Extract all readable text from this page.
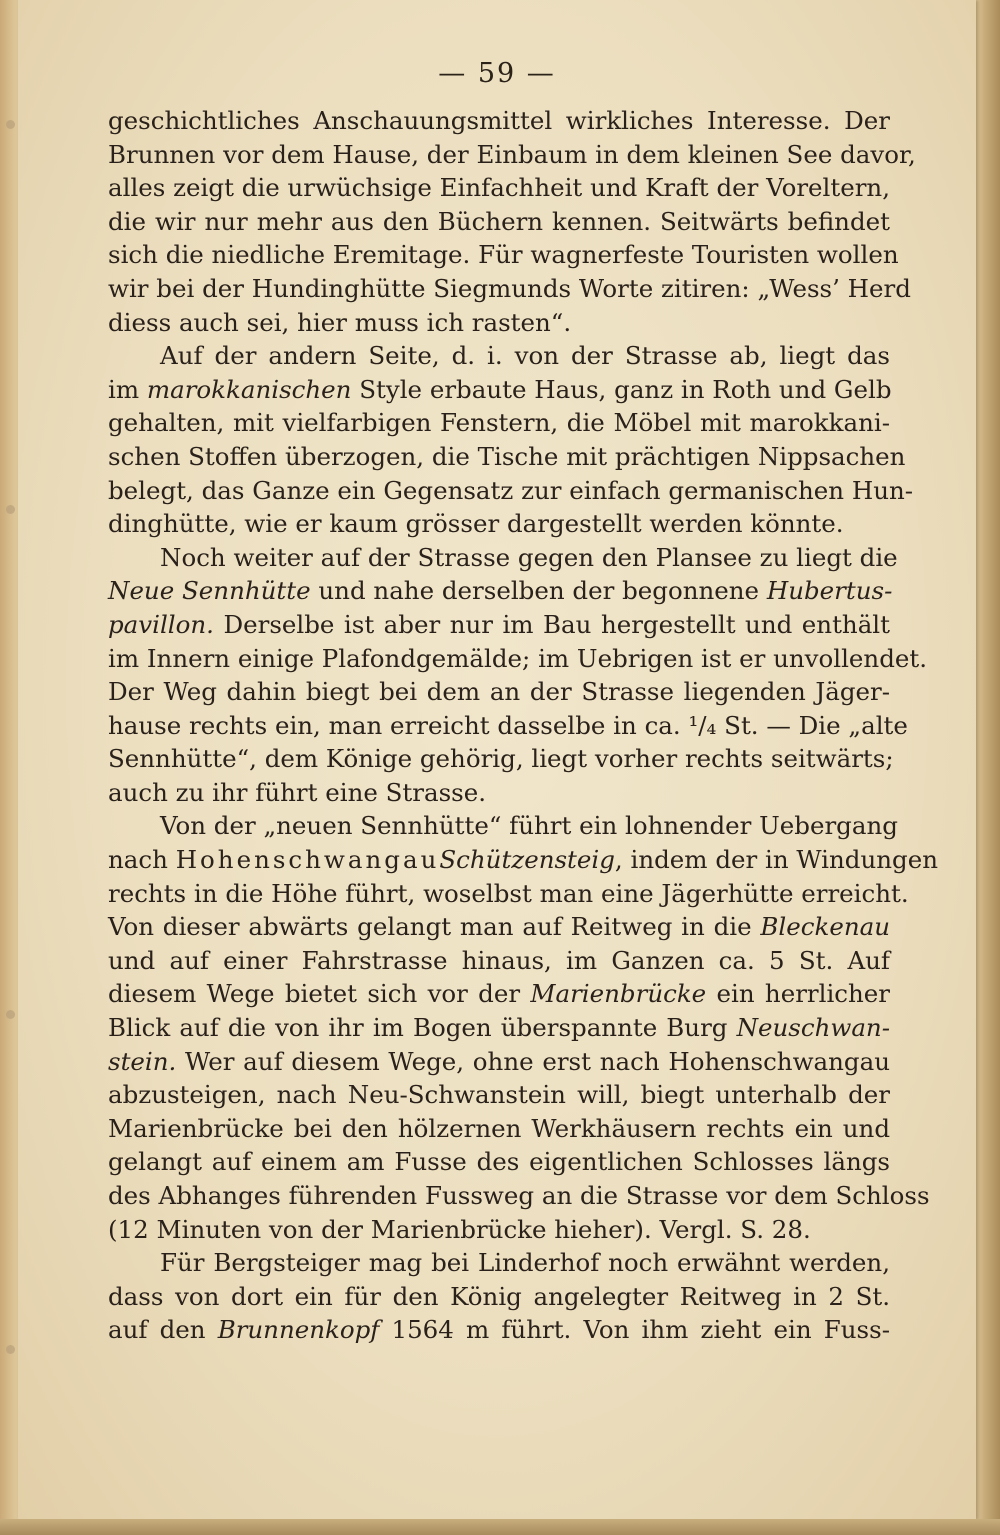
— 59 —
geschichtliches Anschauungsmittel wirkliches Interesse. Der
Brunnen vor dem Hause, der Einbaum in dem kleinen See davor,
alles zeigt die urwüchsige Einfachheit und Kraft der Voreltern,
die wir nur mehr aus den Büchern kennen. Seitwärts befindet
sich die niedliche Eremitage. Für wagnerfeste Touristen wollen
wir bei der Hundinghütte Siegmunds Worte zitiren: „Wess’ Herd
diess auch sei, hier muss ich rasten“.
Auf der andern Seite, d. i. von der Strasse ab, liegt das
im marokkanischen Style erbaute Haus, ganz in Roth und Gelb
gehalten, mit vielfarbigen Fenstern, die Möbel mit marokkani-
schen Stoffen überzogen, die Tische mit prächtigen Nippsachen
belegt, das Ganze ein Gegensatz zur einfach germanischen Hun-
dinghütte, wie er kaum grösser dargestellt werden könnte.
Noch weiter auf der Strasse gegen den Plansee zu liegt die
Neue Sennhütte und nahe derselben der begonnene Hubertus-
pavillon. Derselbe ist aber nur im Bau hergestellt und enthält
im Innern einige Plafondgemälde; im Uebrigen ist er unvollendet.
Der Weg dahin biegt bei dem an der Strasse liegenden Jäger-
hause rechts ein, man erreicht dasselbe in ca. ¹/₄ St. — Die „alte
Sennhütte“, dem Könige gehörig, liegt vorher rechts seitwärts;
auch zu ihr führt eine Strasse.
Von der „neuen Sennhütte“ führt ein lohnender Uebergang
nach HohenschwangauSchützensteig, indem der in Windungen
rechts in die Höhe führt, woselbst man eine Jägerhütte erreicht.
Von dieser abwärts gelangt man auf Reitweg in die Bleckenau
und auf einer Fahrstrasse hinaus, im Ganzen ca. 5 St. Auf
diesem Wege bietet sich vor der Marienbrücke ein herrlicher
Blick auf die von ihr im Bogen überspannte Burg Neuschwan-
stein. Wer auf diesem Wege, ohne erst nach Hohenschwangau
abzusteigen, nach Neu-Schwanstein will, biegt unterhalb der
Marienbrücke bei den hölzernen Werkhäusern rechts ein und
gelangt auf einem am Fusse des eigentlichen Schlosses längs
des Abhanges führenden Fussweg an die Strasse vor dem Schloss
(12 Minuten von der Marienbrücke hieher). Vergl. S. 28.
Für Bergsteiger mag bei Linderhof noch erwähnt werden,
dass von dort ein für den König angelegter Reitweg in 2 St.
auf den Brunnenkopf 1564 m führt. Von ihm zieht ein Fuss-
